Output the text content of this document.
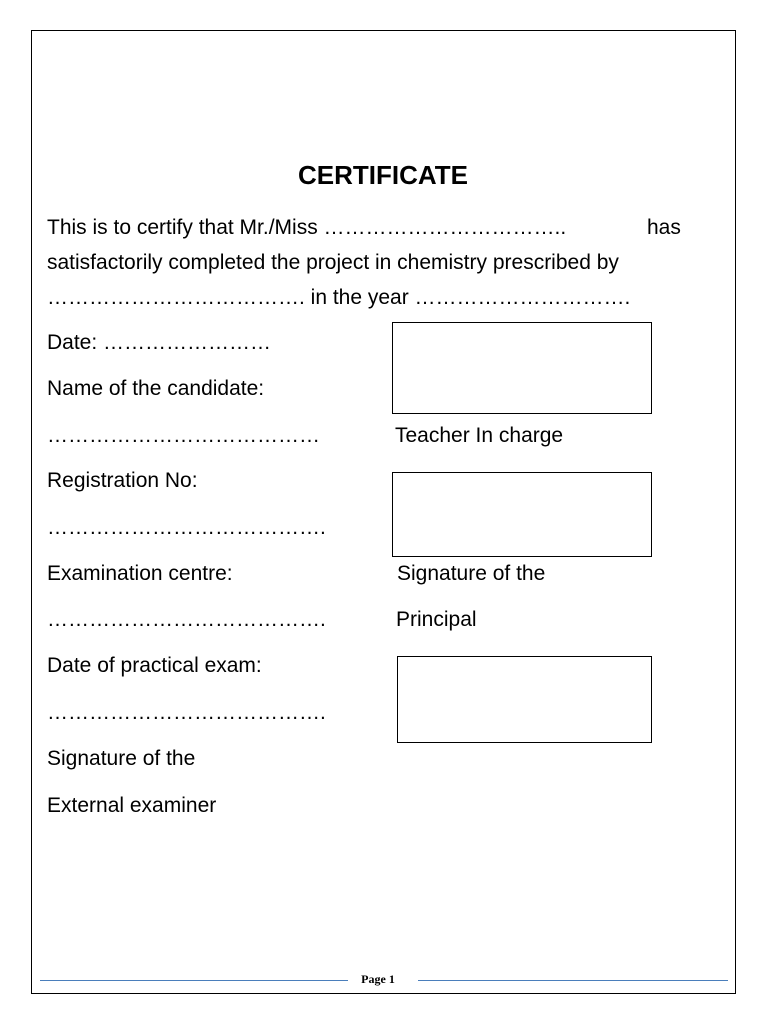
CERTIFICATE
This is to certify that Mr./Miss ……………………………..	has
satisfactorily completed the project in chemistry prescribed by
………………………………. in the year ………………………….
Date: ……………………
Name of the candidate:
…………………………………
Registration No:
………………………………….
Examination centre:
………………………………….
Date of practical exam:
………………………………….
Signature of the
External examiner
Teacher In charge
Signature of the
Principal
Page 1
